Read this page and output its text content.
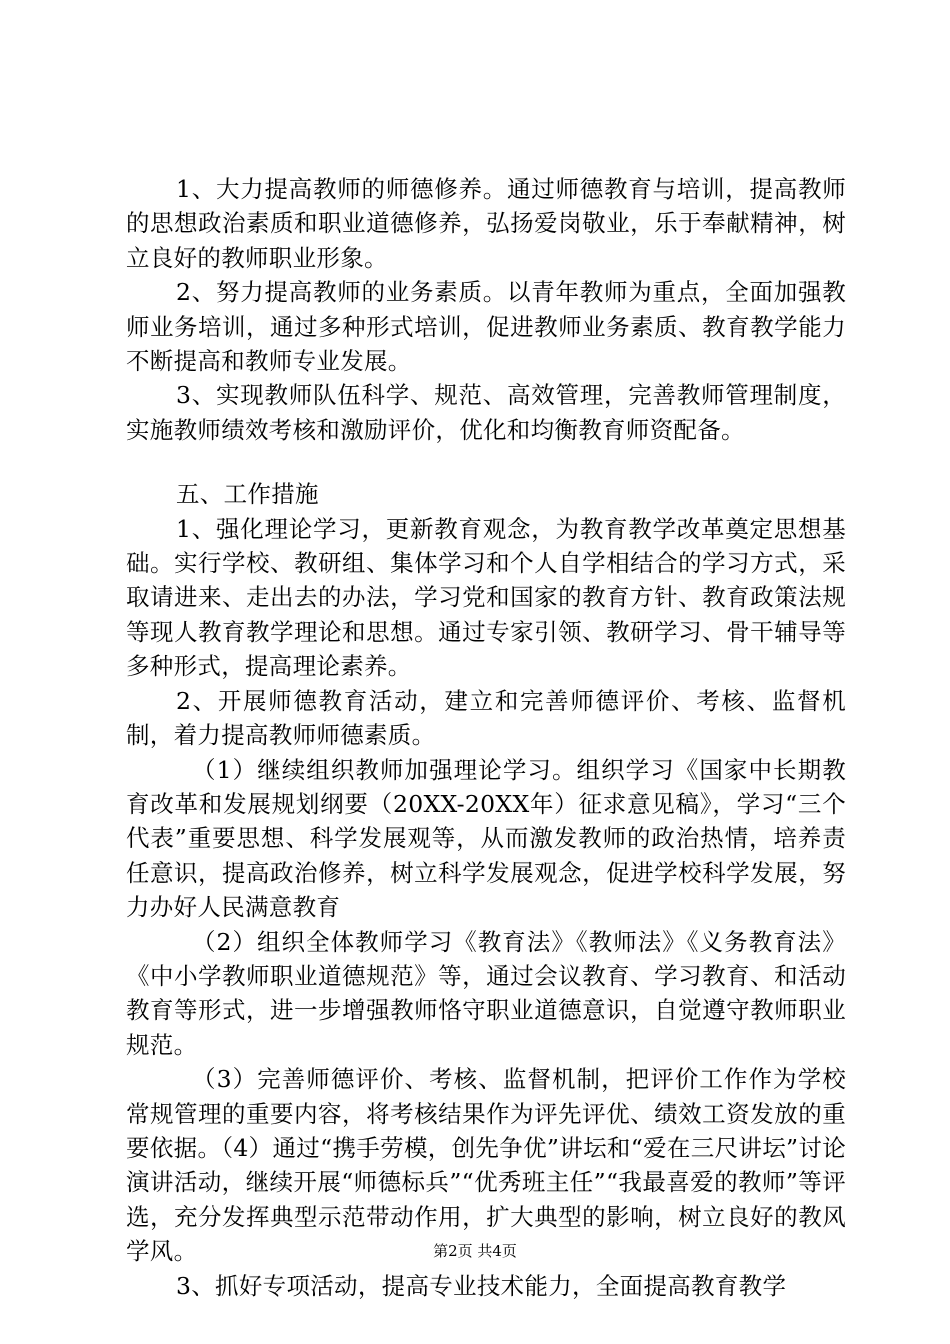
1、大力提高教师的师德修养。通过师德教育与培训，提高教师的思想政治素质和职业道德修养，弘扬爱岗敬业，乐于奉献精神，树立良好的教师职业形象。

2、努力提高教师的业务素质。以青年教师为重点，全面加强教师业务培训，通过多种形式培训，促进教师业务素质、教育教学能力不断提高和教师专业发展。

3、实现教师队伍科学、规范、高效管理，完善教师管理制度，实施教师绩效考核和激励评价，优化和均衡教育师资配备。

五、工作措施

1、强化理论学习，更新教育观念，为教育教学改革奠定思想基础。实行学校、教研组、集体学习和个人自学相结合的学习方式，采取请进来、走出去的办法，学习党和国家的教育方针、教育政策法规等现人教育教学理论和思想。通过专家引领、教研学习、骨干辅导等多种形式，提高理论素养。

2、开展师德教育活动，建立和完善师德评价、考核、监督机制，着力提高教师师德素质。

（1）继续组织教师加强理论学习。组织学习《国家中长期教育改革和发展规划纲要（20XX-20XX年）征求意见稿》，学习“三个代表”重要思想、科学发展观等，从而激发教师的政治热情，培养责任意识，提高政治修养，树立科学发展观念，促进学校科学发展，努力办好人民满意教育

（2）组织全体教师学习《教育法》《教师法》《义务教育法》《中小学教师职业道德规范》等，通过会议教育、学习教育、和活动教育等形式，进一步增强教师恪守职业道德意识，自觉遵守教师职业规范。

（3）完善师德评价、考核、监督机制，把评价工作作为学校常规管理的重要内容，将考核结果作为评先评优、绩效工资发放的重要依据。（4）通过“携手劳模，创先争优”讲坛和“爱在三尺讲坛”讨论演讲活动，继续开展“师德标兵”“优秀班主任”“我最喜爱的教师”等评选，充分发挥典型示范带动作用，扩大典型的影响，树立良好的教风学风。

3、抓好专项活动，提高专业技术能力，全面提高教育教学

第2页 共4页
